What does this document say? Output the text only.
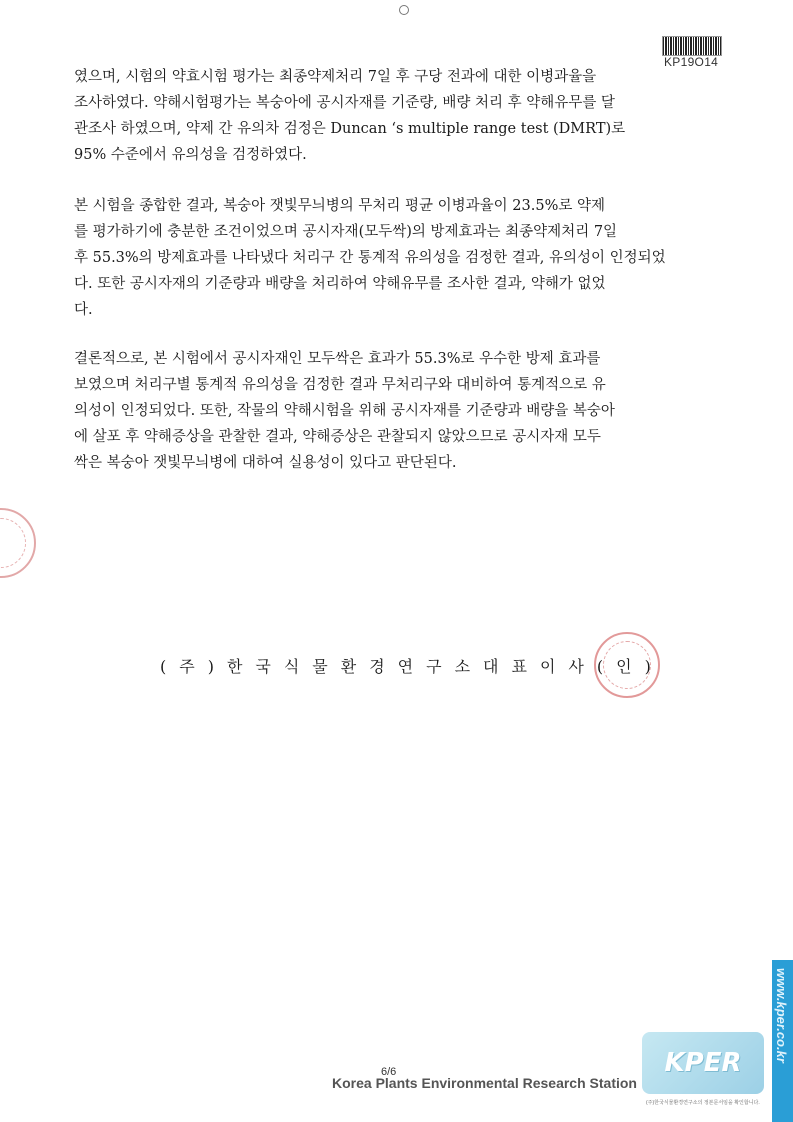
KP19O14
였으며, 시험의 약효시험 평가는 최종약제처리 7일 후 구당 전과에 대한 이병과율을
조사하였다. 약해시험평가는 복숭아에 공시자재를 기준량, 배량 처리 후 약해유무를 달
관조사 하였으며, 약제 간 유의차 검정은 Duncan ‘s multiple range test (DMRT)로
95% 수준에서 유의성을 검정하였다.
본 시험을 종합한 결과, 복숭아 잿빛무늬병의 무처리 평균 이병과율이 23.5%로 약제
를 평가하기에 충분한 조건이었으며 공시자재(모두싹)의 방제효과는 최종약제처리 7일
후 55.3%의 방제효과를 나타냈다 처리구 간 통계적 유의성을 검정한 결과, 유의성이 인정되었
다. 또한 공시자재의 기준량과 배량을 처리하여 약해유무를 조사한 결과, 약해가 없었
다.
결론적으로, 본 시험에서 공시자재인 모두싹은 효과가 55.3%로 우수한 방제 효과를
보였으며 처리구별 통계적 유의성을 검정한 결과 무처리구와 대비하여 통계적으로 유
의성이 인정되었다. 또한, 작물의 약해시험을 위해 공시자재를 기준량과 배량을 복숭아
에 살포 후 약해증상을 관찰한 결과, 약해증상은 관찰되지 않았으므로 공시자재 모두
싹은 복숭아 잿빛무늬병에 대하여 실용성이 있다고 판단된다.
(주)한국식물환경연구소대표이사(인)
6/6
Korea Plants Environmental Research Station
KPER
(주)한국식물환경연구소의 정본문서임을 확인합니다.
www.kper.co.kr
